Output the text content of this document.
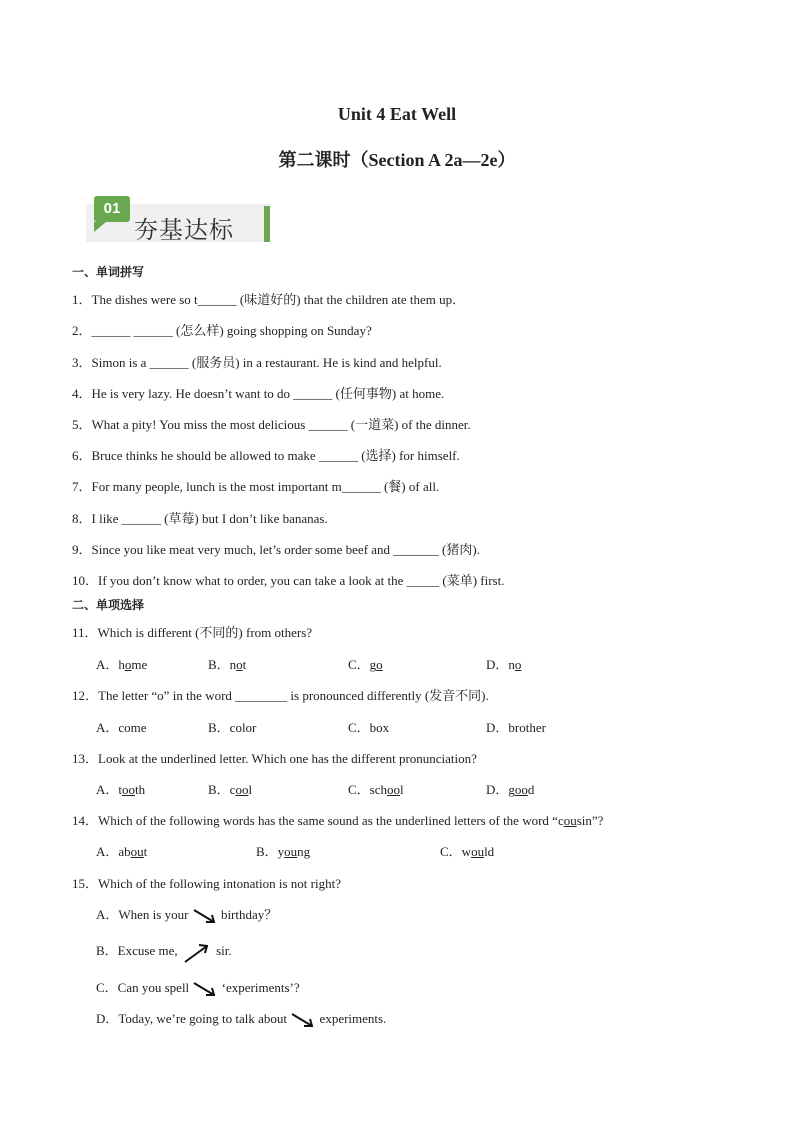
Unit 4 Eat Well
第二课时（Section A 2a—2e）
01
夯基达标
一、单词拼写
1．The dishes were so t______ (味道好的) that the children ate them up．
2．______ ______ (怎么样) going shopping on Sunday?
3．Simon is a ______ (服务员) in a restaurant. He is kind and helpful.
4．He is very lazy. He doesn’t want to do ______ (任何事物) at home.
5．What a pity! You miss the most delicious ______ (一道菜) of the dinner.
6．Bruce thinks he should be allowed to make ______ (选择) for himself.
7．For many people, lunch is the most important m______ (餐) of all.
8．I like ______ (草莓) but I don’t like bananas.
9．Since you like meat very much, let’s order some beef and _______ (猪肉).
10．If you don’t know what to order, you can take a look at the _____ (菜单) first.
二、单项选择
11．Which is different (不同的) from others?
A．home	B．not	C．go	D．no
12．The letter “o” in the word ________ is pronounced differently (发音不同).
A．come	B．color	C．box	D．brother
13．Look at the underlined letter. Which one has the different pronunciation?
A．tooth	B．cool	C．school	D．good
14．Which of the following words has the same sound as the underlined letters of the word “cousin”?
A．about	B．young	C．would
15．Which of the following intonation is not right?
A．When is your	birthday？
B．Excuse me,	sir.
C．Can you spell	‘experiments’?
D．Today, we’re going to talk about	experiments.
